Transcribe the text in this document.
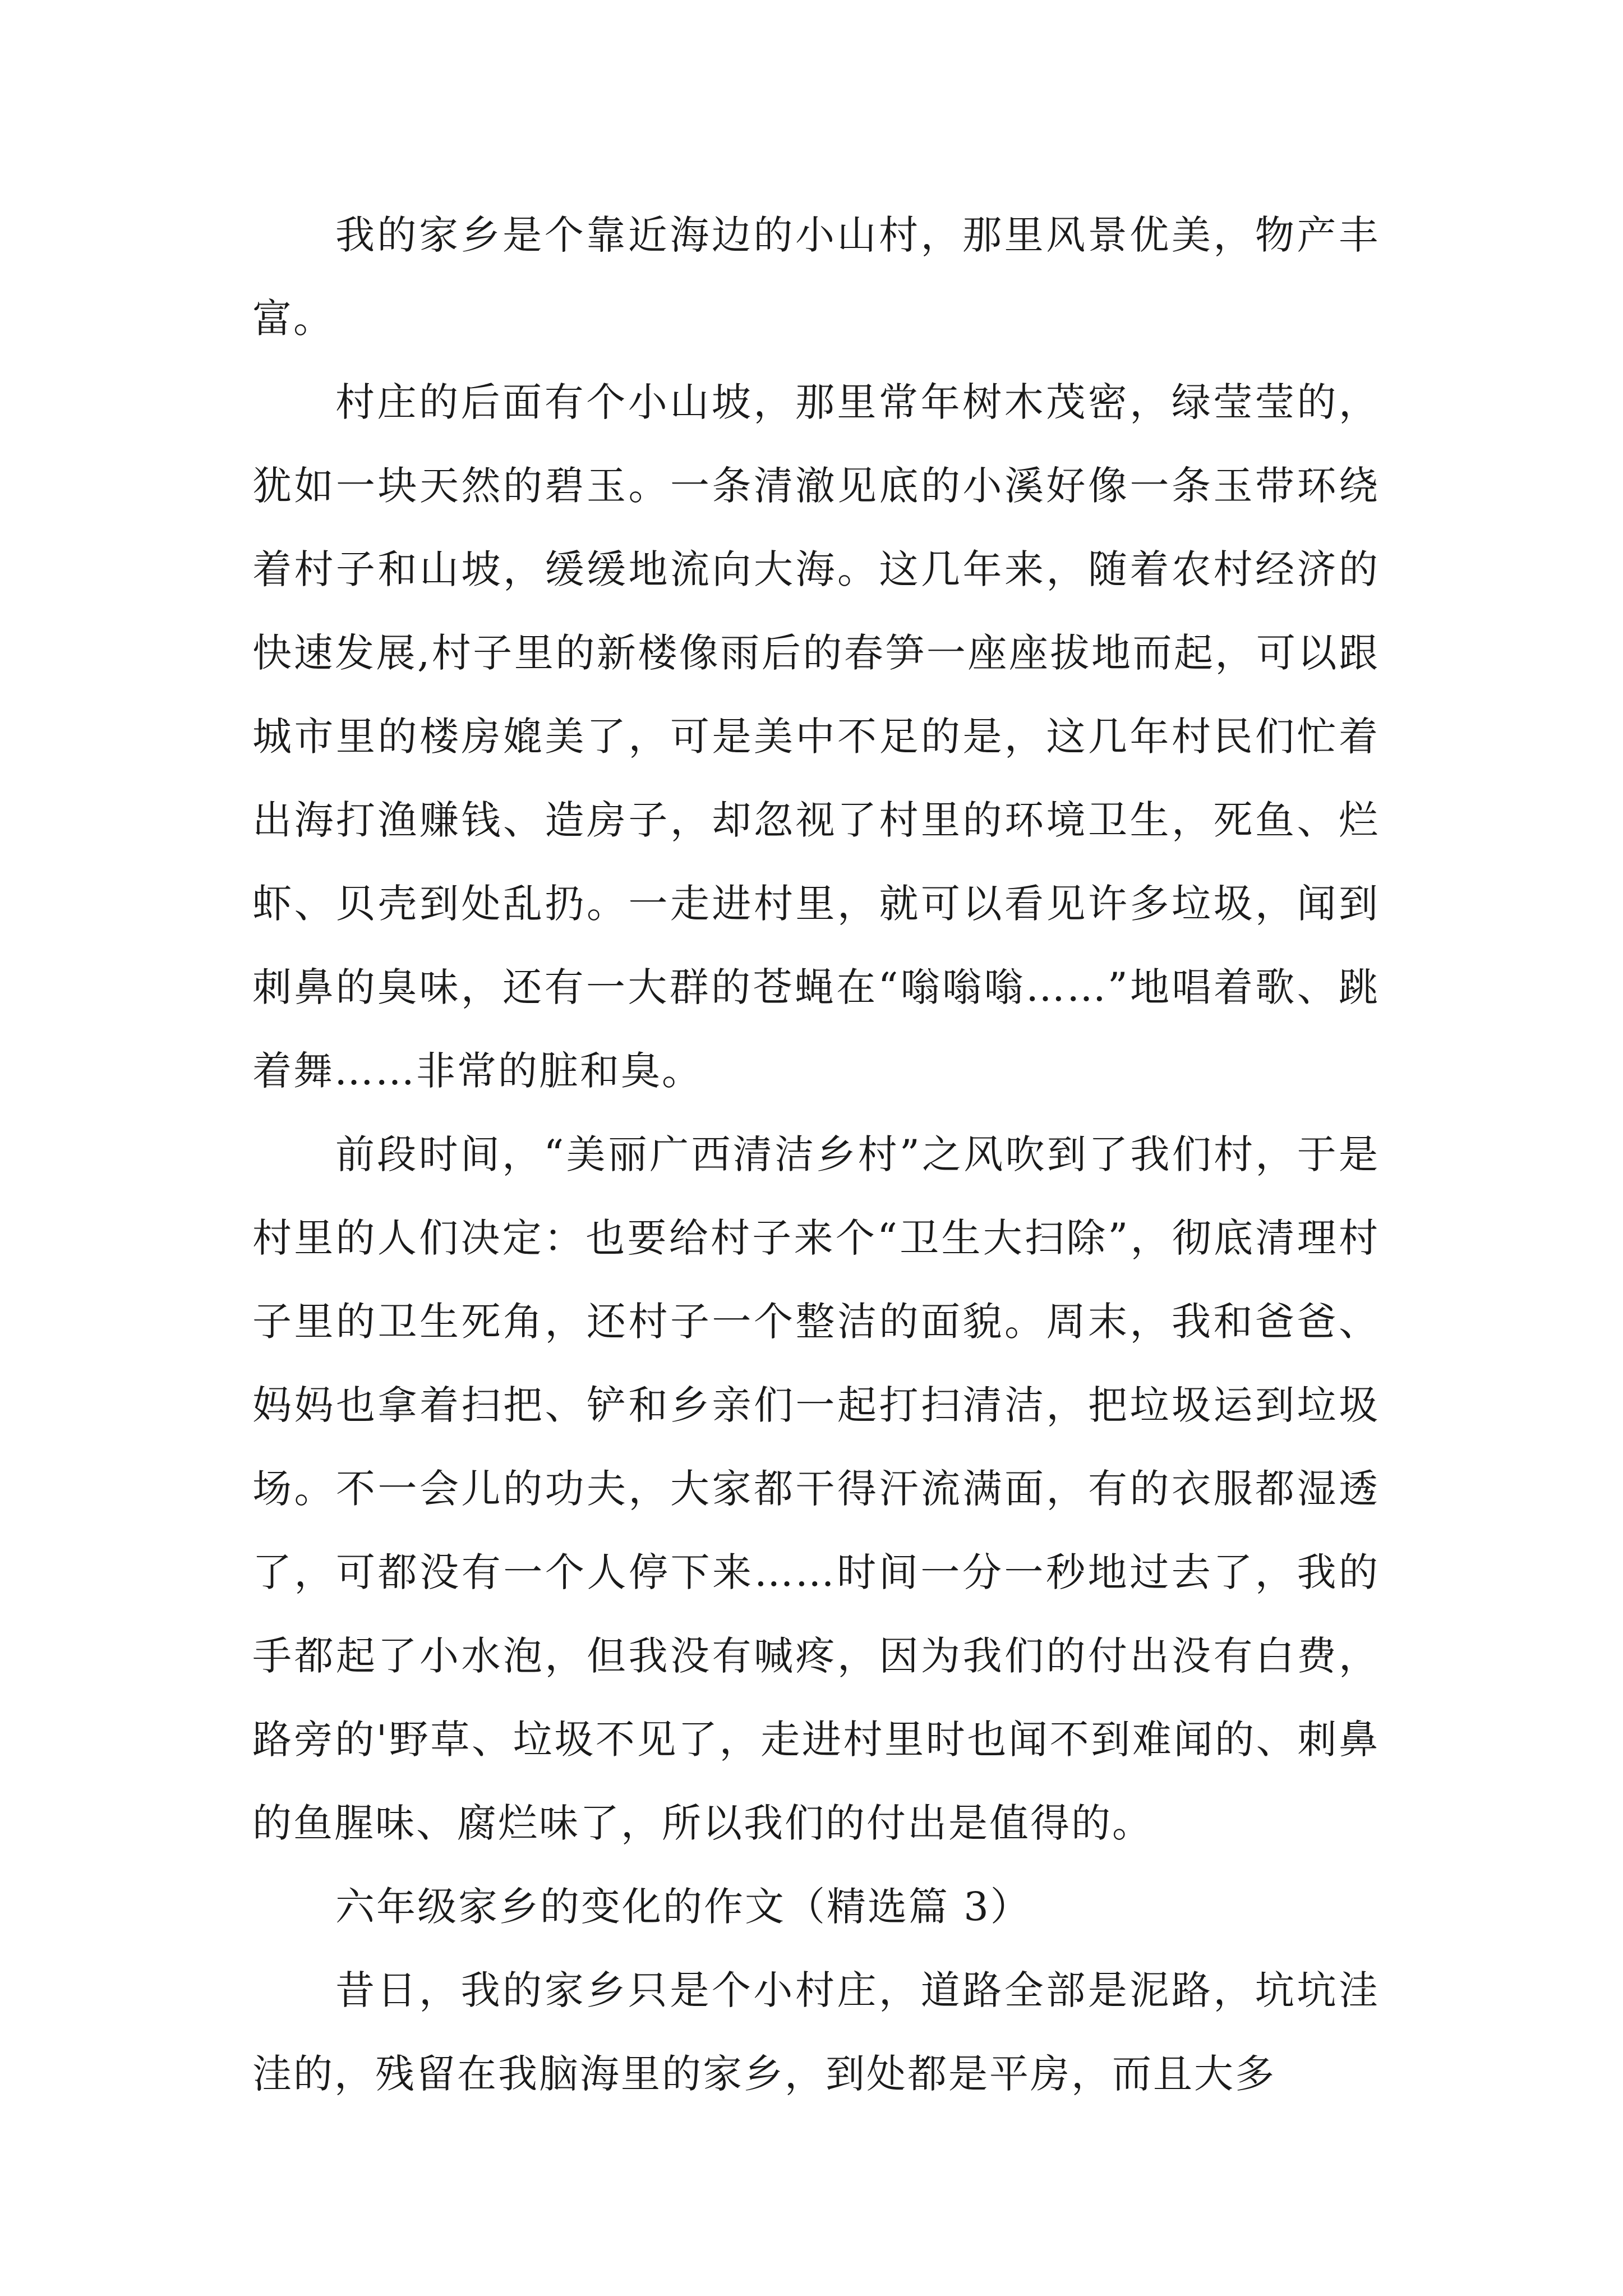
我的家乡是个靠近海边的小山村，那里风景优美，物产丰富。

村庄的后面有个小山坡，那里常年树木茂密，绿莹莹的，犹如一块天然的碧玉。一条清澈见底的小溪好像一条玉带环绕着村子和山坡，缓缓地流向大海。这几年来，随着农村经济的快速发展,村子里的新楼像雨后的春笋一座座拔地而起，可以跟城市里的楼房媲美了，可是美中不足的是，这几年村民们忙着出海打渔赚钱、造房子，却忽视了村里的环境卫生，死鱼、烂虾、贝壳到处乱扔。一走进村里，就可以看见许多垃圾，闻到刺鼻的臭味，还有一大群的苍蝇在“嗡嗡嗡……”地唱着歌、跳着舞……非常的脏和臭。

前段时间，“美丽广西清洁乡村”之风吹到了我们村，于是村里的人们决定：也要给村子来个“卫生大扫除”，彻底清理村子里的卫生死角，还村子一个整洁的面貌。周末，我和爸爸、妈妈也拿着扫把、铲和乡亲们一起打扫清洁，把垃圾运到垃圾场。不一会儿的功夫，大家都干得汗流满面，有的衣服都湿透了，可都没有一个人停下来……时间一分一秒地过去了，我的手都起了小水泡，但我没有喊疼，因为我们的付出没有白费，路旁的'野草、垃圾不见了，走进村里时也闻不到难闻的、刺鼻的鱼腥味、腐烂味了，所以我们的付出是值得的。

六年级家乡的变化的作文（精选篇 3）

昔日，我的家乡只是个小村庄，道路全部是泥路，坑坑洼洼的，残留在我脑海里的家乡，到处都是平房，而且大多
